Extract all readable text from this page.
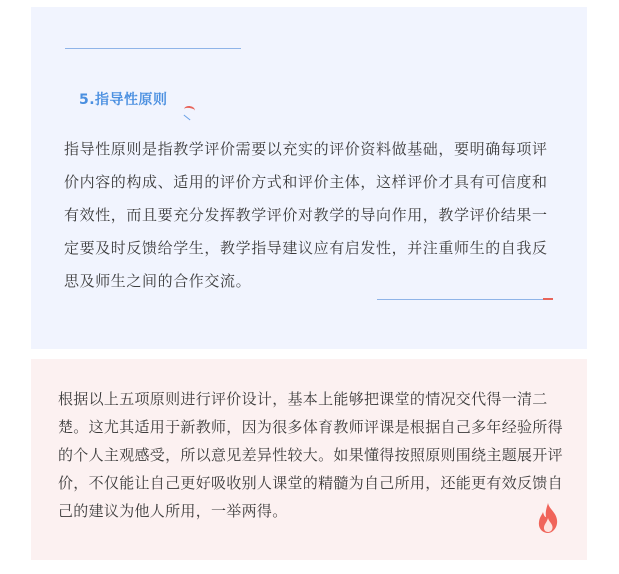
5.指导性原则

指导性原则是指教学评价需要以充实的评价资料做基础，要明确每项评价内容的构成、适用的评价方式和评价主体，这样评价才具有可信度和有效性，而且要充分发挥教学评价对教学的导向作用，教学评价结果一定要及时反馈给学生，教学指导建议应有启发性，并注重师生的自我反思及师生之间的合作交流。

根据以上五项原则进行评价设计，基本上能够把课堂的情况交代得一清二楚。这尤其适用于新教师，因为很多体育教师评课是根据自己多年经验所得的个人主观感受，所以意见差异性较大。如果懂得按照原则围绕主题展开评价，不仅能让自己更好吸收别人课堂的精髓为自己所用，还能更有效反馈自己的建议为他人所用，一举两得。
